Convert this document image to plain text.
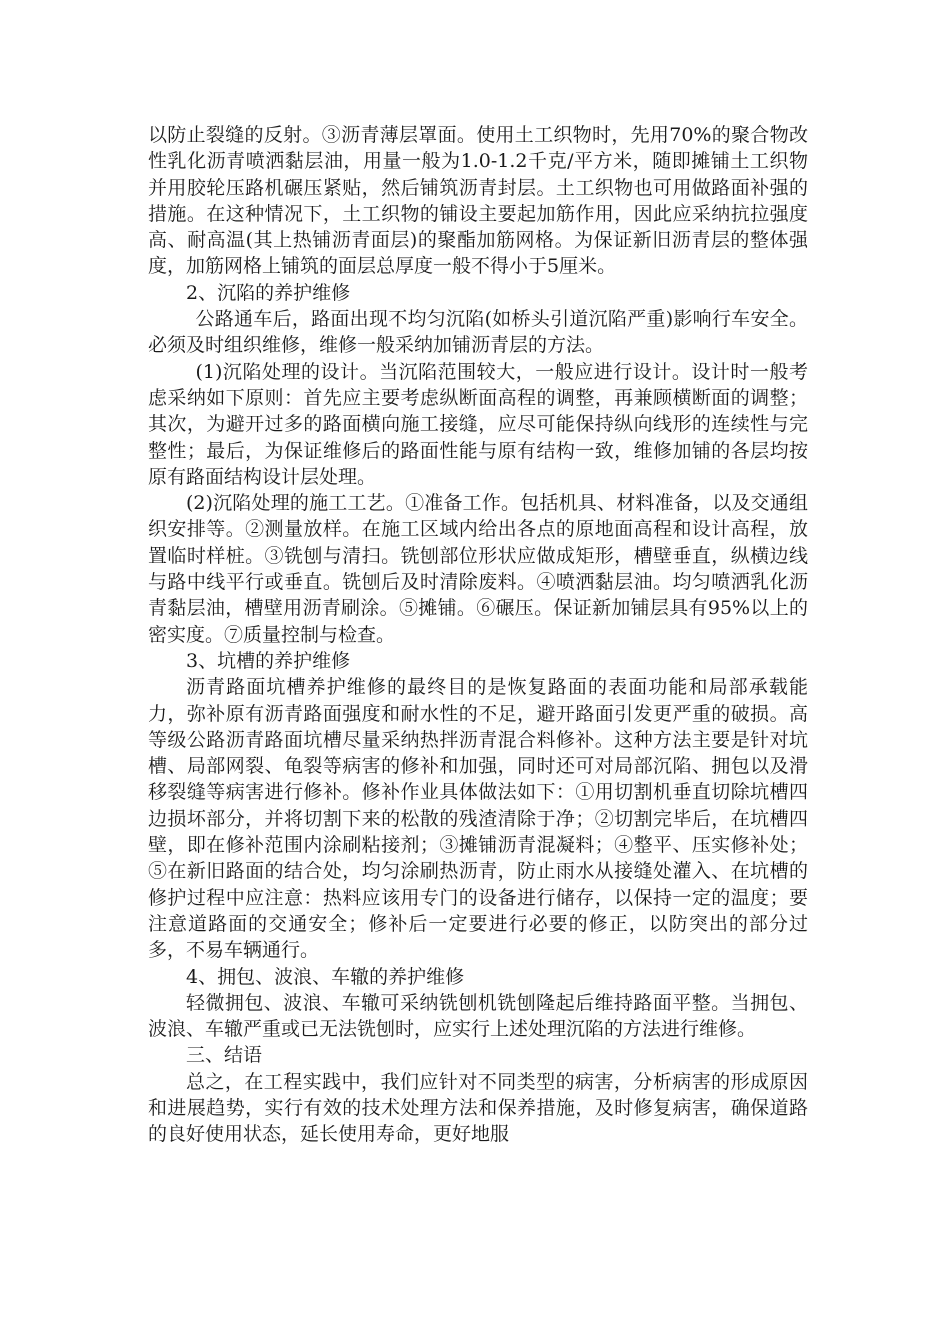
以防止裂缝的反射。③沥青薄层罩面。使用土工织物时，先用70%的聚合物改性乳化沥青喷洒黏层油，用量一般为1.0-1.2千克/平方米，随即摊铺土工织物并用胶轮压路机碾压紧贴，然后铺筑沥青封层。土工织物也可用做路面补强的措施。在这种情况下，土工织物的铺设主要起加筋作用，因此应采纳抗拉强度高、耐高温(其上热铺沥青面层)的聚酯加筋网格。为保证新旧沥青层的整体强度，加筋网格上铺筑的面层总厚度一般不得小于5厘米。

2、沉陷的养护维修

公路通车后，路面出现不均匀沉陷(如桥头引道沉陷严重)影响行车安全。必须及时组织维修，维修一般采纳加铺沥青层的方法。

(1)沉陷处理的设计。当沉陷范围较大，一般应进行设计。设计时一般考虑采纳如下原则：首先应主要考虑纵断面高程的调整，再兼顾横断面的调整；其次，为避开过多的路面横向施工接缝，应尽可能保持纵向线形的连续性与完整性；最后，为保证维修后的路面性能与原有结构一致，维修加铺的各层均按原有路面结构设计层处理。

(2)沉陷处理的施工工艺。①准备工作。包括机具、材料准备，以及交通组织安排等。②测量放样。在施工区域内给出各点的原地面高程和设计高程，放置临时样桩。③铣刨与清扫。铣刨部位形状应做成矩形，槽壁垂直，纵横边线与路中线平行或垂直。铣刨后及时清除废料。④喷洒黏层油。均匀喷洒乳化沥青黏层油，槽壁用沥青刷涂。⑤摊铺。⑥碾压。保证新加铺层具有95%以上的密实度。⑦质量控制与检查。

3、坑槽的养护维修

沥青路面坑槽养护维修的最终目的是恢复路面的表面功能和局部承载能力，弥补原有沥青路面强度和耐水性的不足，避开路面引发更严重的破损。高等级公路沥青路面坑槽尽量采纳热拌沥青混合料修补。这种方法主要是针对坑槽、局部网裂、龟裂等病害的修补和加强，同时还可对局部沉陷、拥包以及滑移裂缝等病害进行修补。修补作业具体做法如下：①用切割机垂直切除坑槽四边损坏部分，并将切割下来的松散的残渣清除于净；②切割完毕后，在坑槽四壁，即在修补范围内涂刷粘接剂；③摊铺沥青混凝料；④整平、压实修补处；⑤在新旧路面的结合处，均匀涂刷热沥青，防止雨水从接缝处灌入、在坑槽的修护过程中应注意：热料应该用专门的设备进行储存，以保持一定的温度；要注意道路面的交通安全；修补后一定要进行必要的修正，以防突出的部分过多，不易车辆通行。

4、拥包、波浪、车辙的养护维修

轻微拥包、波浪、车辙可采纳铣刨机铣刨隆起后维持路面平整。当拥包、波浪、车辙严重或已无法铣刨时，应实行上述处理沉陷的方法进行维修。

三、结语

总之，在工程实践中，我们应针对不同类型的病害，分析病害的形成原因和进展趋势，实行有效的技术处理方法和保养措施，及时修复病害，确保道路的良好使用状态，延长使用寿命，更好地服
